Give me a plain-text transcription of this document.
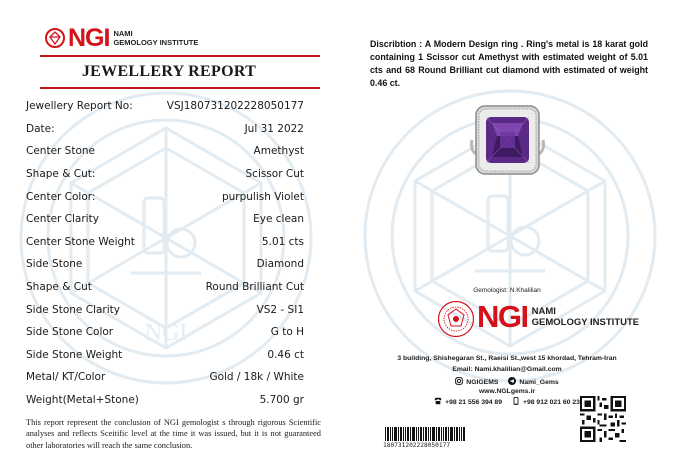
NGI
NGI NAMI
GEMOLOGY INSTITUTE
JEWELLERY REPORT
Jewellery Report No:	VSJ180731202228050177
Date:	Jul 31 2022
Center Stone	Amethyst
Shape & Cut:	Scissor Cut
Center Color:	purpulish Violet
Center Clarity	Eye clean
Center Stone Weight	5.01 cts
Side Stone	Diamond
Shape & Cut	Round Brilliant Cut
Side Stone Clarity	VS2 - SI1
Side Stone Color	G to H
Side Stone Weight	0.46 ct
Metal/ KT/Color	Gold / 18k / White
Weight(Metal+Stone)	5.700 gr
This report represent the conclusion of NGI gemologist s through rigorous Scientific analyses and reflects Sceitific level at the time it was issued, but it is not guaranteed other laboratories will reach the same conclusion.
Discribtion : A Modern Design ring . Ring's metal is 18 karat gold containing 1 Scissor cut Amethyst with estimated weight of 5.01 cts and 68 Round Brilliant cut diamond with estimated of weight 0.46 ct.
Gemologist: N.Khalilian
NGI NAMI
GEMOLOGY INSTITUTE
3 building, Shishegaran St., Raeisi St.,west 15 khordad, Tehram-Iran
Email: Nami.khalilian@Gmail.com
NGIGEMS	Nami_Gems
www.NGLgems.ir
+98 21 556 394 89	+98 912 021 60 23
180731202228050177
